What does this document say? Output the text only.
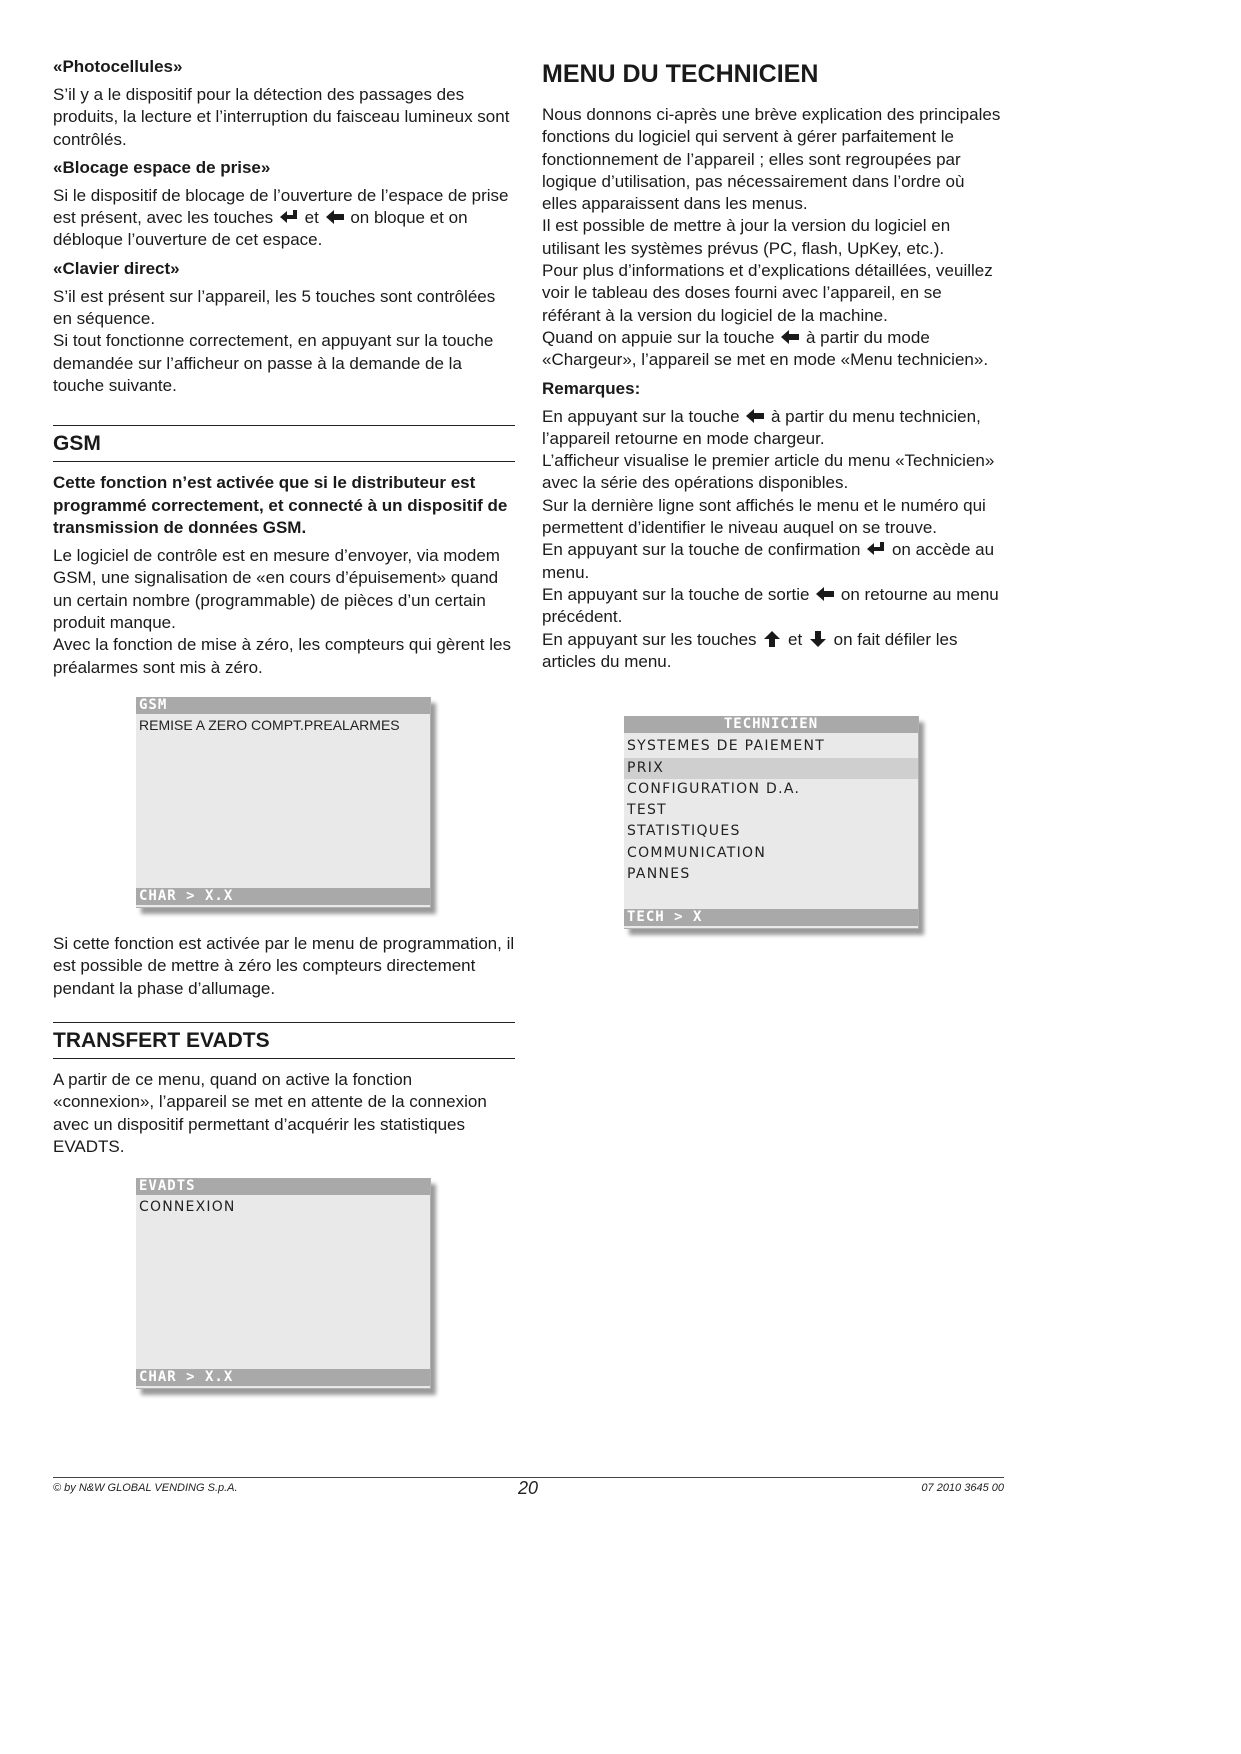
«Photocellules»

S’il y a le dispositif pour la détection des passages des produits, la lecture et l’interruption du faisceau lumineux sont contrôlés.

«Blocage espace de prise»

Si le dispositif de blocage de l’ouverture de l’espace de prise est présent, avec les touches et on bloque et on débloque l’ouverture de cet espace.

«Clavier direct»

S’il est présent sur l’appareil, les 5 touches sont contrôlées en séquence.

Si tout fonctionne correctement, en appuyant sur la touche demandée sur l’afficheur on passe à la demande de la touche suivante.

GSM

Cette fonction n’est activée que si le distributeur est programmé correctement, et connecté à un dispositif de transmission de données GSM.

Le logiciel de contrôle est en mesure d’envoyer, via modem GSM, une signalisation de «en cours d’épuisement» quand un certain nombre (programmable) de pièces d’un certain produit manque.

Avec la fonction de mise à zéro, les compteurs qui gèrent les préalarmes sont mis à zéro.

GSM
REMISE A ZERO COMPT.PREALARMES
CHAR > X.X

Si cette fonction est activée par le menu de programmation, il est possible de mettre à zéro les compteurs directement pendant la phase d’allumage.

TRANSFERT EVADTS

A partir de ce menu, quand on active la fonction «connexion», l’appareil se met en attente de la connexion avec un dispositif permettant d’acquérir les statistiques EVADTS.

EVADTS
CONNEXION
CHAR > X.X
MENU DU TECHNICIEN

Nous donnons ci-après une brève explication des principales fonctions du logiciel qui servent à gérer parfaitement le fonctionnement de l’appareil ; elles sont regroupées par logique d’utilisation, pas nécessairement dans l’ordre où elles apparaissent dans les menus.

Il est possible de mettre à jour la version du logiciel en utilisant les systèmes prévus (PC, flash, UpKey, etc.).

Pour plus d’informations et d’explications détaillées, veuillez voir le tableau des doses fourni avec l’appareil, en se référant à la version du logiciel de la machine.

Quand on appuie sur la touche à partir du mode «Chargeur», l’appareil se met en mode «Menu technicien».

Remarques:

En appuyant sur la touche à partir du menu technicien, l’appareil retourne en mode chargeur.

L’afficheur visualise le premier article du menu «Technicien» avec la série des opérations disponibles.

Sur la dernière ligne sont affichés le menu et le numéro qui permettent d’identifier le niveau auquel on se trouve.

En appuyant sur la touche de confirmation on accède au menu.

En appuyant sur la touche de sortie on retourne au menu précédent.

En appuyant sur les touches et on fait défiler les articles du menu.

TECHNICIEN
SYSTEMES DE PAIEMENT
PRIX
CONFIGURATION D.A.
TEST
STATISTIQUES
COMMUNICATION
PANNES
TECH > X
© by N&W GLOBAL VENDING S.p.A.	20	07 2010 3645 00
